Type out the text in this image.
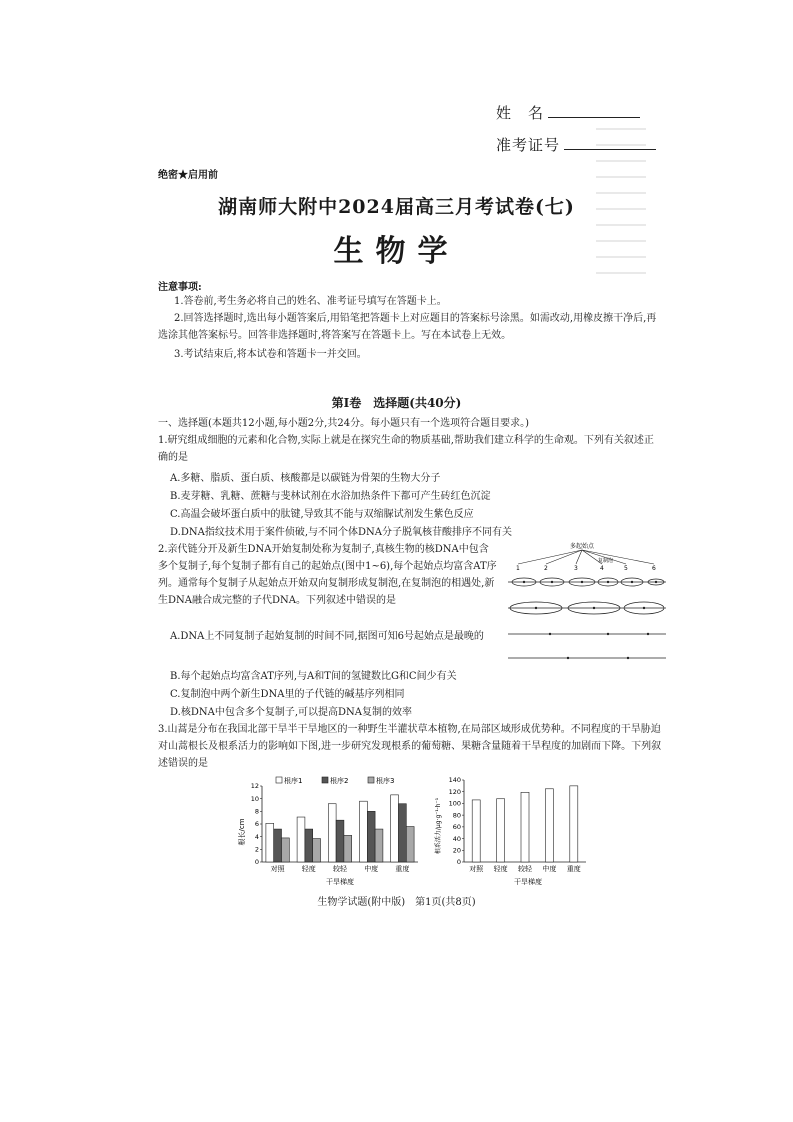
姓　名
准考证号
绝密★启用前
湖南师大附中2024届高三月考试卷(七)
生物学
注意事项:
1.答卷前,考生务必将自己的姓名、准考证号填写在答题卡上。
2.回答选择题时,选出每小题答案后,用铅笔把答题卡上对应题目的答案标号涂黑。如需改动,用橡皮擦干净后,再选涂其他答案标号。回答非选择题时,将答案写在答题卡上。写在本试卷上无效。
3.考试结束后,将本试卷和答题卡一并交回。
第Ⅰ卷　选择题(共40分)
一、选择题(本题共12小题,每小题2分,共24分。每小题只有一个选项符合题目要求。)
1.研究组成细胞的元素和化合物,实际上就是在探究生命的物质基础,帮助我们建立科学的生命观。下列有关叙述正确的是
A.多糖、脂质、蛋白质、核酸都是以碳链为骨架的生物大分子
B.麦芽糖、乳糖、蔗糖与斐林试剂在水浴加热条件下都可产生砖红色沉淀
C.高温会破坏蛋白质中的肽键,导致其不能与双缩脲试剂发生紫色反应
D.DNA指纹技术用于案件侦破,与不同个体DNA分子脱氧核苷酸排序不同有关
2.亲代链分开及新生DNA开始复制处称为复制子,真核生物的核DNA中包含多个复制子,每个复制子都有自己的起始点(图中1~6),每个起始点均富含AT序列。通常每个复制子从起始点开始双向复制形成复制泡,在复制泡的相遇处,新生DNA融合成完整的子代DNA。下列叙述中错误的是
A.DNA上不同复制子起始复制的时间不同,据图可知6号起始点是最晚的
B.每个起始点均富含AT序列,与A和T间的氢键数比G和C间少有关
C.复制泡中两个新生DNA里的子代链的碱基序列相同
D.核DNA中包含多个复制子,可以提高DNA复制的效率
多起始点
1	2	3	4	5	6
复制泡
3.山蒿是分布在我国北部干旱半干旱地区的一种野生半灌状草本植物,在局部区域形成优势种。不同程度的干旱胁迫对山蒿根长及根系活力的影响如下图,进一步研究发现根系的葡萄糖、果糖含量随着干旱程度的加剧而下降。下列叙述错误的是
根序1	根序2	根序3
0
2
4
6
8
10
12
对照 轻度 较轻 中度 重度
干旱梯度
根长/cm
0
20
40
60
80
100
120
140
对照 轻度 较轻 中度 重度
干旱梯度
根系活力/μg·g⁻¹·h⁻¹
生物学试题(附中版)　第1页(共8页)
